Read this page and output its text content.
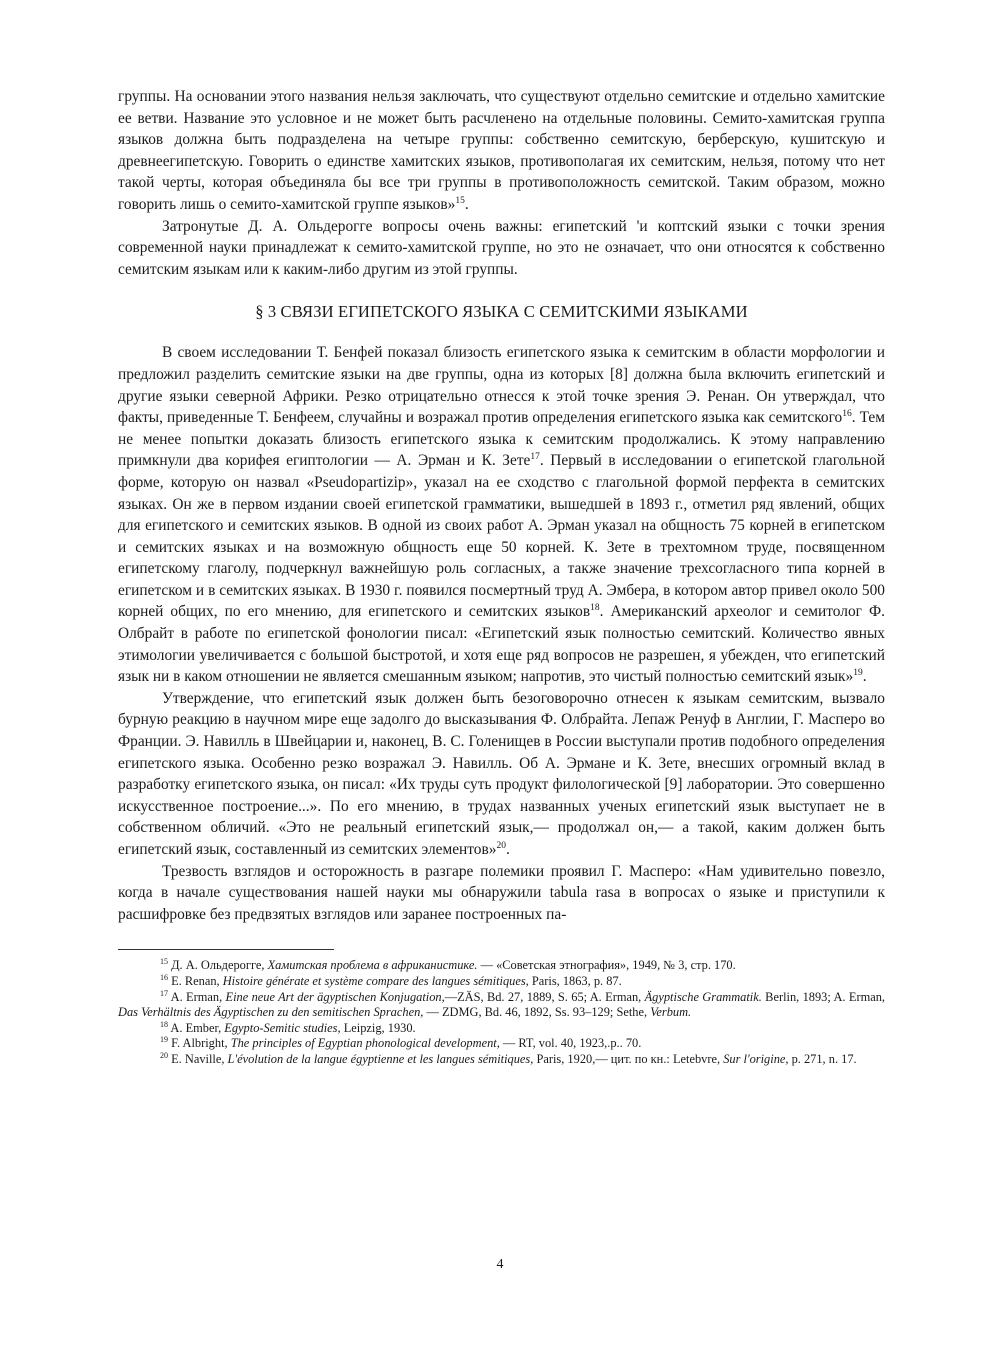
группы. На основании этого названия нельзя заключать, что существуют отдельно семитские и отдельно хамитские ее ветви. Название это условное и не может быть расчленено на отдельные половины. Семито-хамитская группа языков должна быть подразделена на четыре группы: собственно семитскую, берберскую, кушитскую и древнеегипетскую. Говорить о единстве хамитских языков, противополагая их семитским, нельзя, потому что нет такой черты, которая объединяла бы все три группы в противоположность семитской. Таким образом, можно говорить лишь о семито-хамитской группе языков»$^{15}$.

Затронутые Д. А. Ольдерогге вопросы очень важны: египетский 'и коптский языки с точки зрения современной науки принадлежат к семито-хамитской группе, но это не означает, что они относятся к собственно семитским языкам или к каким-либо другим из этой группы.

§ 3 СВЯЗИ ЕГИПЕТСКОГО ЯЗЫКА С СЕМИТСКИМИ ЯЗЫКАМИ

В своем исследовании Т. Бенфей показал близость египетского языка к семитским в области морфологии и предложил разделить семитские языки на две группы, одна из которых [8] должна была включить египетский и другие языки северной Африки. Резко отрицательно отнесся к этой точке зрения Э. Ренан. Он утверждал, что факты, приведенные Т. Бенфеем, случайны и возражал против определения египетского языка как семитского$^{16}$. Тем не менее попытки доказать близость египетского языка к семитским продолжались. К этому направлению примкнули два корифея египтологии — А. Эрман и К. Зете$^{17}$. Первый в исследовании о египетской глагольной форме, которую он назвал «Pseudopartizip», указал на ее сходство с глагольной формой перфекта в семитских языках. Он же в первом издании своей египетской грамматики, вышедшей в 1893 г., отметил ряд явлений, общих для египетского и семитских языков. В одной из своих работ А. Эрман указал на общность 75 корней в египетском и семитских языках и на возможную общность еще 50 корней. К. Зете в трехтомном труде, посвященном египетскому глаголу, подчеркнул важнейшую роль согласных, а также значение трехсогласного типа корней в египетском и в семитских языках. В 1930 г. появился посмертный труд А. Эмбера, в котором автор привел около 500 корней общих, по его мнению, для египетского и семитских языков$^{18}$. Американский археолог и семитолог Ф. Олбрайт в работе по египетской фонологии писал: «Египетский язык полностью семитский. Количество явных этимологии увеличивается с большой быстротой, и хотя еще ряд вопросов не разрешен, я убежден, что египетский язык ни в каком отношении не является смешанным языком; напротив, это чистый полностью семитский язык»$^{19}$.

Утверждение, что египетский язык должен быть безоговорочно отнесен к языкам семитским, вызвало бурную реакцию в научном мире еще задолго до высказывания Ф. Олбрайта. Лепаж Ренуф в Англии, Г. Масперо во Франции. Э. Навилль в Швейцарии и, наконец, В. С. Голенищев в России выступали против подобного определения египетского языка. Особенно резко возражал Э. Навилль. Об А. Эрмане и К. Зете, внесших огромный вклад в разработку египетского языка, он писал: «Их труды суть продукт филологической [9] лаборатории. Это совершенно искусственное построение...». По его мнению, в трудах названных ученых египетский язык выступает не в собственном обличий. «Это не реальный египетский язык,— продолжал он,— а такой, каким должен быть египетский язык, составленный из семитских элементов»$^{20}$.

Трезвость взглядов и осторожность в разгаре полемики проявил Г. Масперо: «Нам удивительно повезло, когда в начале существования нашей науки мы обнаружили tabula rasa в вопросах о языке и приступили к расшифровке без предвзятых взглядов или заранее построенных па-

$^{15}$ Д. А. Ольдерогге, Хамитская проблема в африканистике. — «Советская этнография», 1949, № 3, стр. 170.

$^{16}$ E. Renan, Histoire générate et système compare des langues sémitiques, Paris, 1863, p. 87.

$^{17}$ A. Erman, Eine neue Art der ägyptischen Konjugation,—ZÄS, Bd. 27, 1889, S. 65; A. Erman, Ägyptische Grammatik. Berlin, 1893; A. Erman, Das Verhältnis des Ägyptischen zu den semitischen Sprachen, — ZDMG, Bd. 46, 1892, Ss. 93–129; Sethe, Verbum.

$^{18}$ A. Ember, Egypto-Semitic studies, Leipzig, 1930.

$^{19}$ F. Albright, The principles of Egyptian phonological development, — RT, vol. 40, 1923,.p.. 70.

$^{20}$ E. Naville, L'évolution de la langue égyptienne et les langues sémitiques, Paris, 1920,— цит. по кн.: Letebvre, Sur l'origine, p. 271, n. 17.

4
